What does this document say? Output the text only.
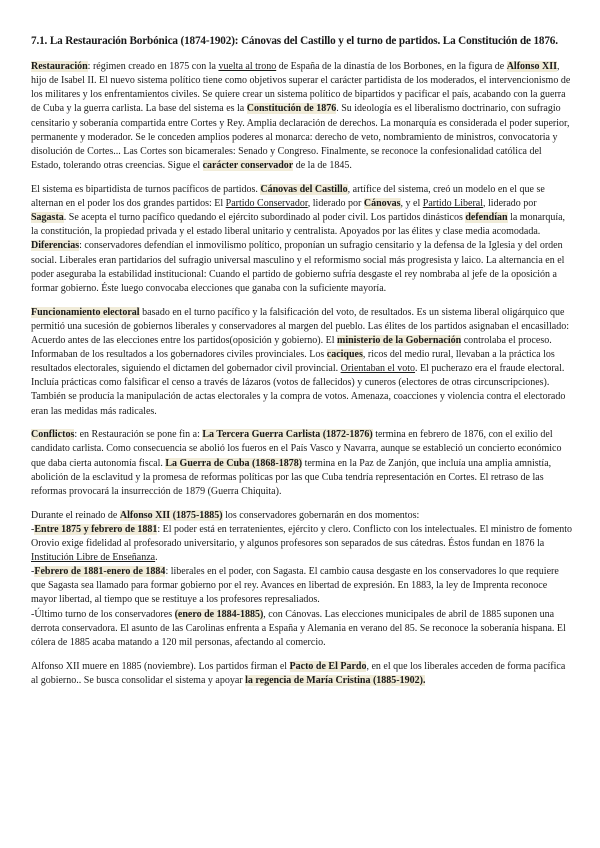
7.1. La Restauración Borbónica (1874-1902): Cánovas del Castillo y el turno de partidos. La Constitución de 1876.

Restauración: régimen creado en 1875 con la vuelta al trono de España de la dinastía de los Borbones, en la figura de Alfonso XII, hijo de Isabel II. El nuevo sistema político tiene como objetivos superar el carácter partidista de los moderados, el intervencionismo de los militares y los enfrentamientos civiles. Se quiere crear un sistema político de bipartidos y pacificar el país, acabando con la guerra de Cuba y la guerra carlista. La base del sistema es la Constitución de 1876. Su ideología es el liberalismo doctrinario, con sufragio censitario y soberanía compartida entre Cortes y Rey. Amplia declaración de derechos. La monarquía es considerada el poder superior, permanente y moderador. Se le conceden amplios poderes al monarca: derecho de veto, nombramiento de ministros, convocatoria y disolución de Cortes... Las Cortes son bicamerales: Senado y Congreso. Finalmente, se reconoce la confesionalidad católica del Estado, tolerando otras creencias. Sigue el carácter conservador de la de 1845.

El sistema es bipartidista de turnos pacíficos de partidos. Cánovas del Castillo, artífice del sistema, creó un modelo en el que se alternan en el poder los dos grandes partidos: El Partido Conservador, liderado por Cánovas, y el Partido Liberal, liderado por Sagasta. Se acepta el turno pacífico quedando el ejército subordinado al poder civil. Los partidos dinásticos defendían la monarquía, la constitución, la propiedad privada y el estado liberal unitario y centralista. Apoyados por las élites y clase media acomodada. Diferencias: conservadores defendían el inmovilismo político, proponían un sufragio censitario y la defensa de la Iglesia y del orden social. Liberales eran partidarios del sufragio universal masculino y el reformismo social más progresista y laico. La alternancia en el poder aseguraba la estabilidad institucional: Cuando el partido de gobierno sufría desgaste el rey nombraba al jefe de la oposición a formar gobierno. Éste luego convocaba elecciones que ganaba con la suficiente mayoría.

Funcionamiento electoral basado en el turno pacífico y la falsificación del voto, de resultados. Es un sistema liberal oligárquico que permitió una sucesión de gobiernos liberales y conservadores al margen del pueblo. Las élites de los partidos asignaban el encasillado: Acuerdo antes de las elecciones entre los partidos(oposición y gobierno). El ministerio de la Gobernación controlaba el proceso. Informaban de los resultados a los gobernadores civiles provinciales. Los caciques, ricos del medio rural, llevaban a la práctica los resultados electorales, siguiendo el dictamen del gobernador civil provincial. Orientaban el voto. El pucherazo era el fraude electoral. Incluía prácticas como falsificar el censo a través de lázaros (votos de fallecidos) y cuneros (electores de otras circunscripciones). También se producía la manipulación de actas electorales y la compra de votos. Amenaza, coacciones y violencia contra el electorado eran las medidas más radicales.

Conflictos: en Restauración se pone fin a: La Tercera Guerra Carlista (1872-1876) termina en febrero de 1876, con el exilio del candidato carlista. Como consecuencia se abolió los fueros en el País Vasco y Navarra, aunque se estableció un concierto económico que daba cierta autonomía fiscal. La Guerra de Cuba (1868-1878) termina en la Paz de Zanjón, que incluía una amplia amnistía, abolición de la esclavitud y la promesa de reformas políticas por las que Cuba tendría representación en Cortes. El retraso de las reformas provocará la insurrección de 1879 (Guerra Chiquita).

Durante el reinado de Alfonso XII (1875-1885) los conservadores gobernarán en dos momentos:
-Entre 1875 y febrero de 1881: El poder está en terratenientes, ejército y clero. Conflicto con los intelectuales. El ministro de fomento Orovio exige fidelidad al profesorado universitario, y algunos profesores son separados de sus cátedras. Éstos fundan en 1876 la Institución Libre de Enseñanza.
-Febrero de 1881-enero de 1884: liberales en el poder, con Sagasta. El cambio causa desgaste en los conservadores lo que requiere que Sagasta sea llamado para formar gobierno por el rey. Avances en libertad de expresión. En 1883, la ley de Imprenta reconoce mayor libertad, al tiempo que se restituye a los profesores represaliados.
-Último turno de los conservadores (enero de 1884-1885), con Cánovas. Las elecciones municipales de abril de 1885 suponen una derrota conservadora. El asunto de las Carolinas enfrenta a España y Alemania en verano del 85. Se reconoce la soberanía hispana. El cólera de 1885 acaba matando a 120 mil personas, afectando al comercio.

Alfonso XII muere en 1885 (noviembre). Los partidos firman el Pacto de El Pardo, en el que los liberales acceden de forma pacífica al gobierno.. Se busca consolidar el sistema y apoyar la regencia de María Cristina (1885-1902).
